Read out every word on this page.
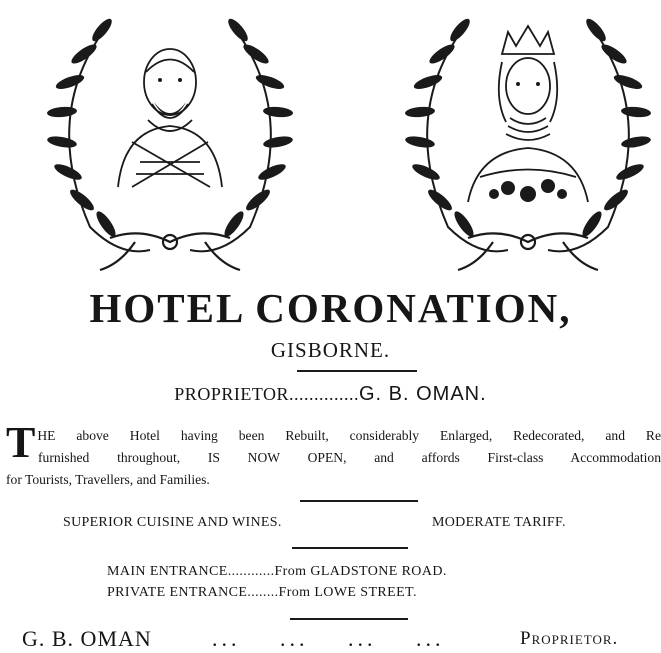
HOTEL CORONATION,
GISBORNE.
PROPRIETOR..............G. B. OMAN.
T HE above Hotel having been Rebuilt, considerably Enlarged, Redecorated, and Re

furnished throughout, IS NOW OPEN, and affords First-class Accommodation

for Tourists, Travellers, and Families.

SUPERIOR CUISINE AND WINES.	MODERATE TARIFF.
MAIN ENTRANCE............From GLADSTONE ROAD.
PRIVATE ENTRANCE........From LOWE STREET.
G. B. OMAN	... ... ... ...	Proprietor.
